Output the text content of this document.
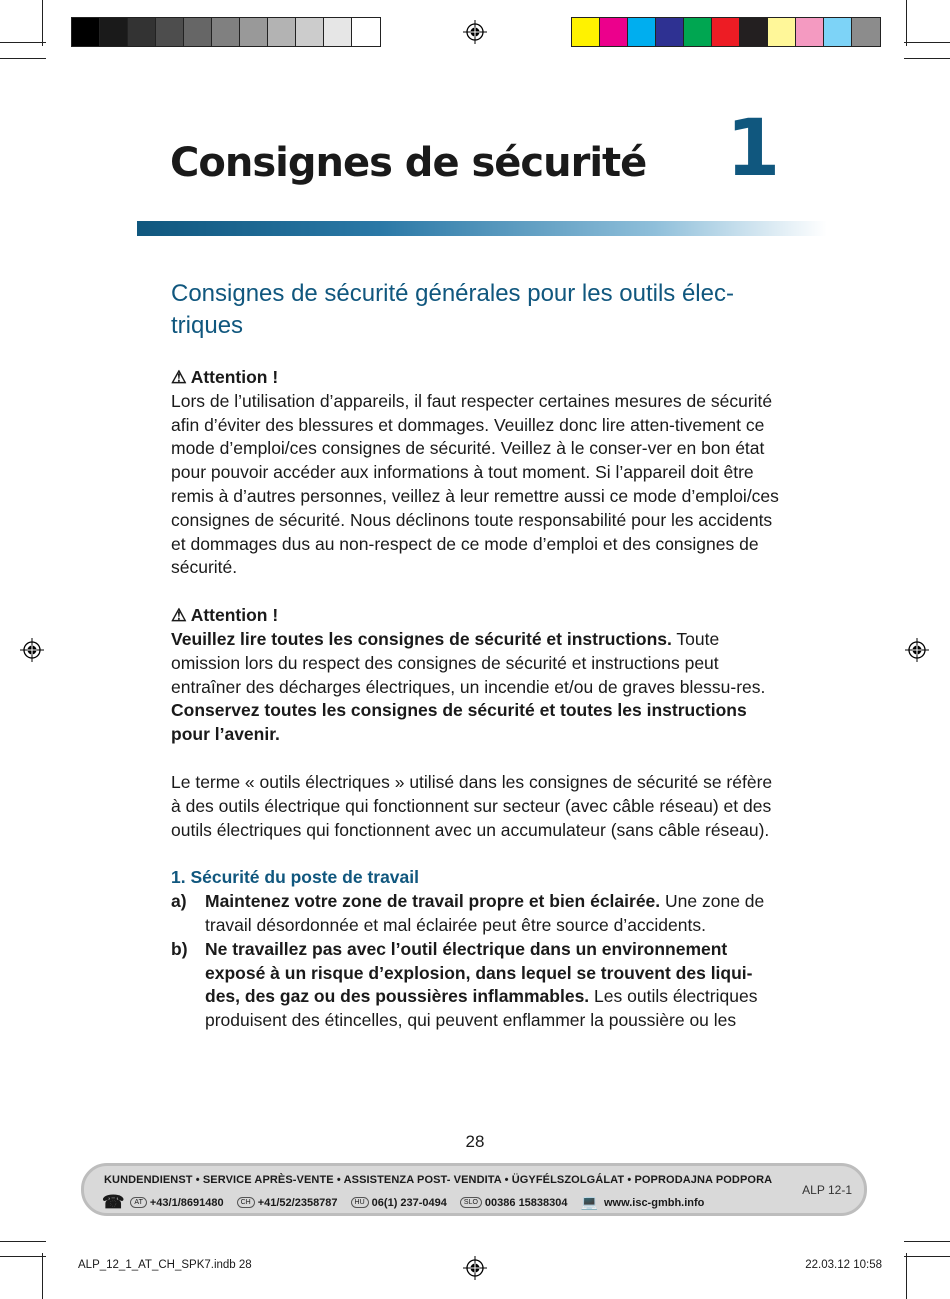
Consignes de sécurité 1
Consignes de sécurité générales pour les outils élec-triques
⚠ Attention !
Lors de l’utilisation d’appareils, il faut respecter certaines mesures de sécurité afin d’éviter des blessures et dommages. Veuillez donc lire atten-tivement ce mode d’emploi/ces consignes de sécurité. Veillez à le conser-ver en bon état pour pouvoir accéder aux informations à tout moment. Si l’appareil doit être remis à d’autres personnes, veillez à leur remettre aussi ce mode d’emploi/ces consignes de sécurité. Nous déclinons toute responsabilité pour les accidents et dommages dus au non-respect de ce mode d’emploi et des consignes de sécurité.
⚠ Attention !
Veuillez lire toutes les consignes de sécurité et instructions. Toute omission lors du respect des consignes de sécurité et instructions peut entraîner des décharges électriques, un incendie et/ou de graves blessu-res.
Conservez toutes les consignes de sécurité et toutes les instructions pour l’avenir.
Le terme « outils électriques » utilisé dans les consignes de sécurité se réfère à des outils électrique qui fonctionnent sur secteur (avec câble réseau) et des outils électriques qui fonctionnent avec un accumulateur (sans câble réseau).
1. Sécurité du poste de travail
a)	Maintenez votre zone de travail propre et bien éclairée. Une zone de travail désordonnée et mal éclairée peut être source d’accidents.
b) Ne travaillez pas avec l’outil électrique dans un environnement exposé à un risque d’explosion, dans lequel se trouvent des liqui-des, des gaz ou des poussières inflammables. Les outils électriques produisent des étincelles, qui peuvent enflammer la poussière ou les
28
KUNDENDIENST • SERVICE APRÈS-VENTE • ASSISTENZA POST- VENDITA • ÜGYFÉLSZOLGÁLAT • POPRODAJNA PODPORA
☎	AT +43/1/8691480	CH +41/52/2358787	HU 06(1) 237-0494	SLO 00386 15838304 💻 www.isc-gmbh.info
ALP 12-1
ALP_12_1_AT_CH_SPK7.indb 28	22.03.12 10:58
